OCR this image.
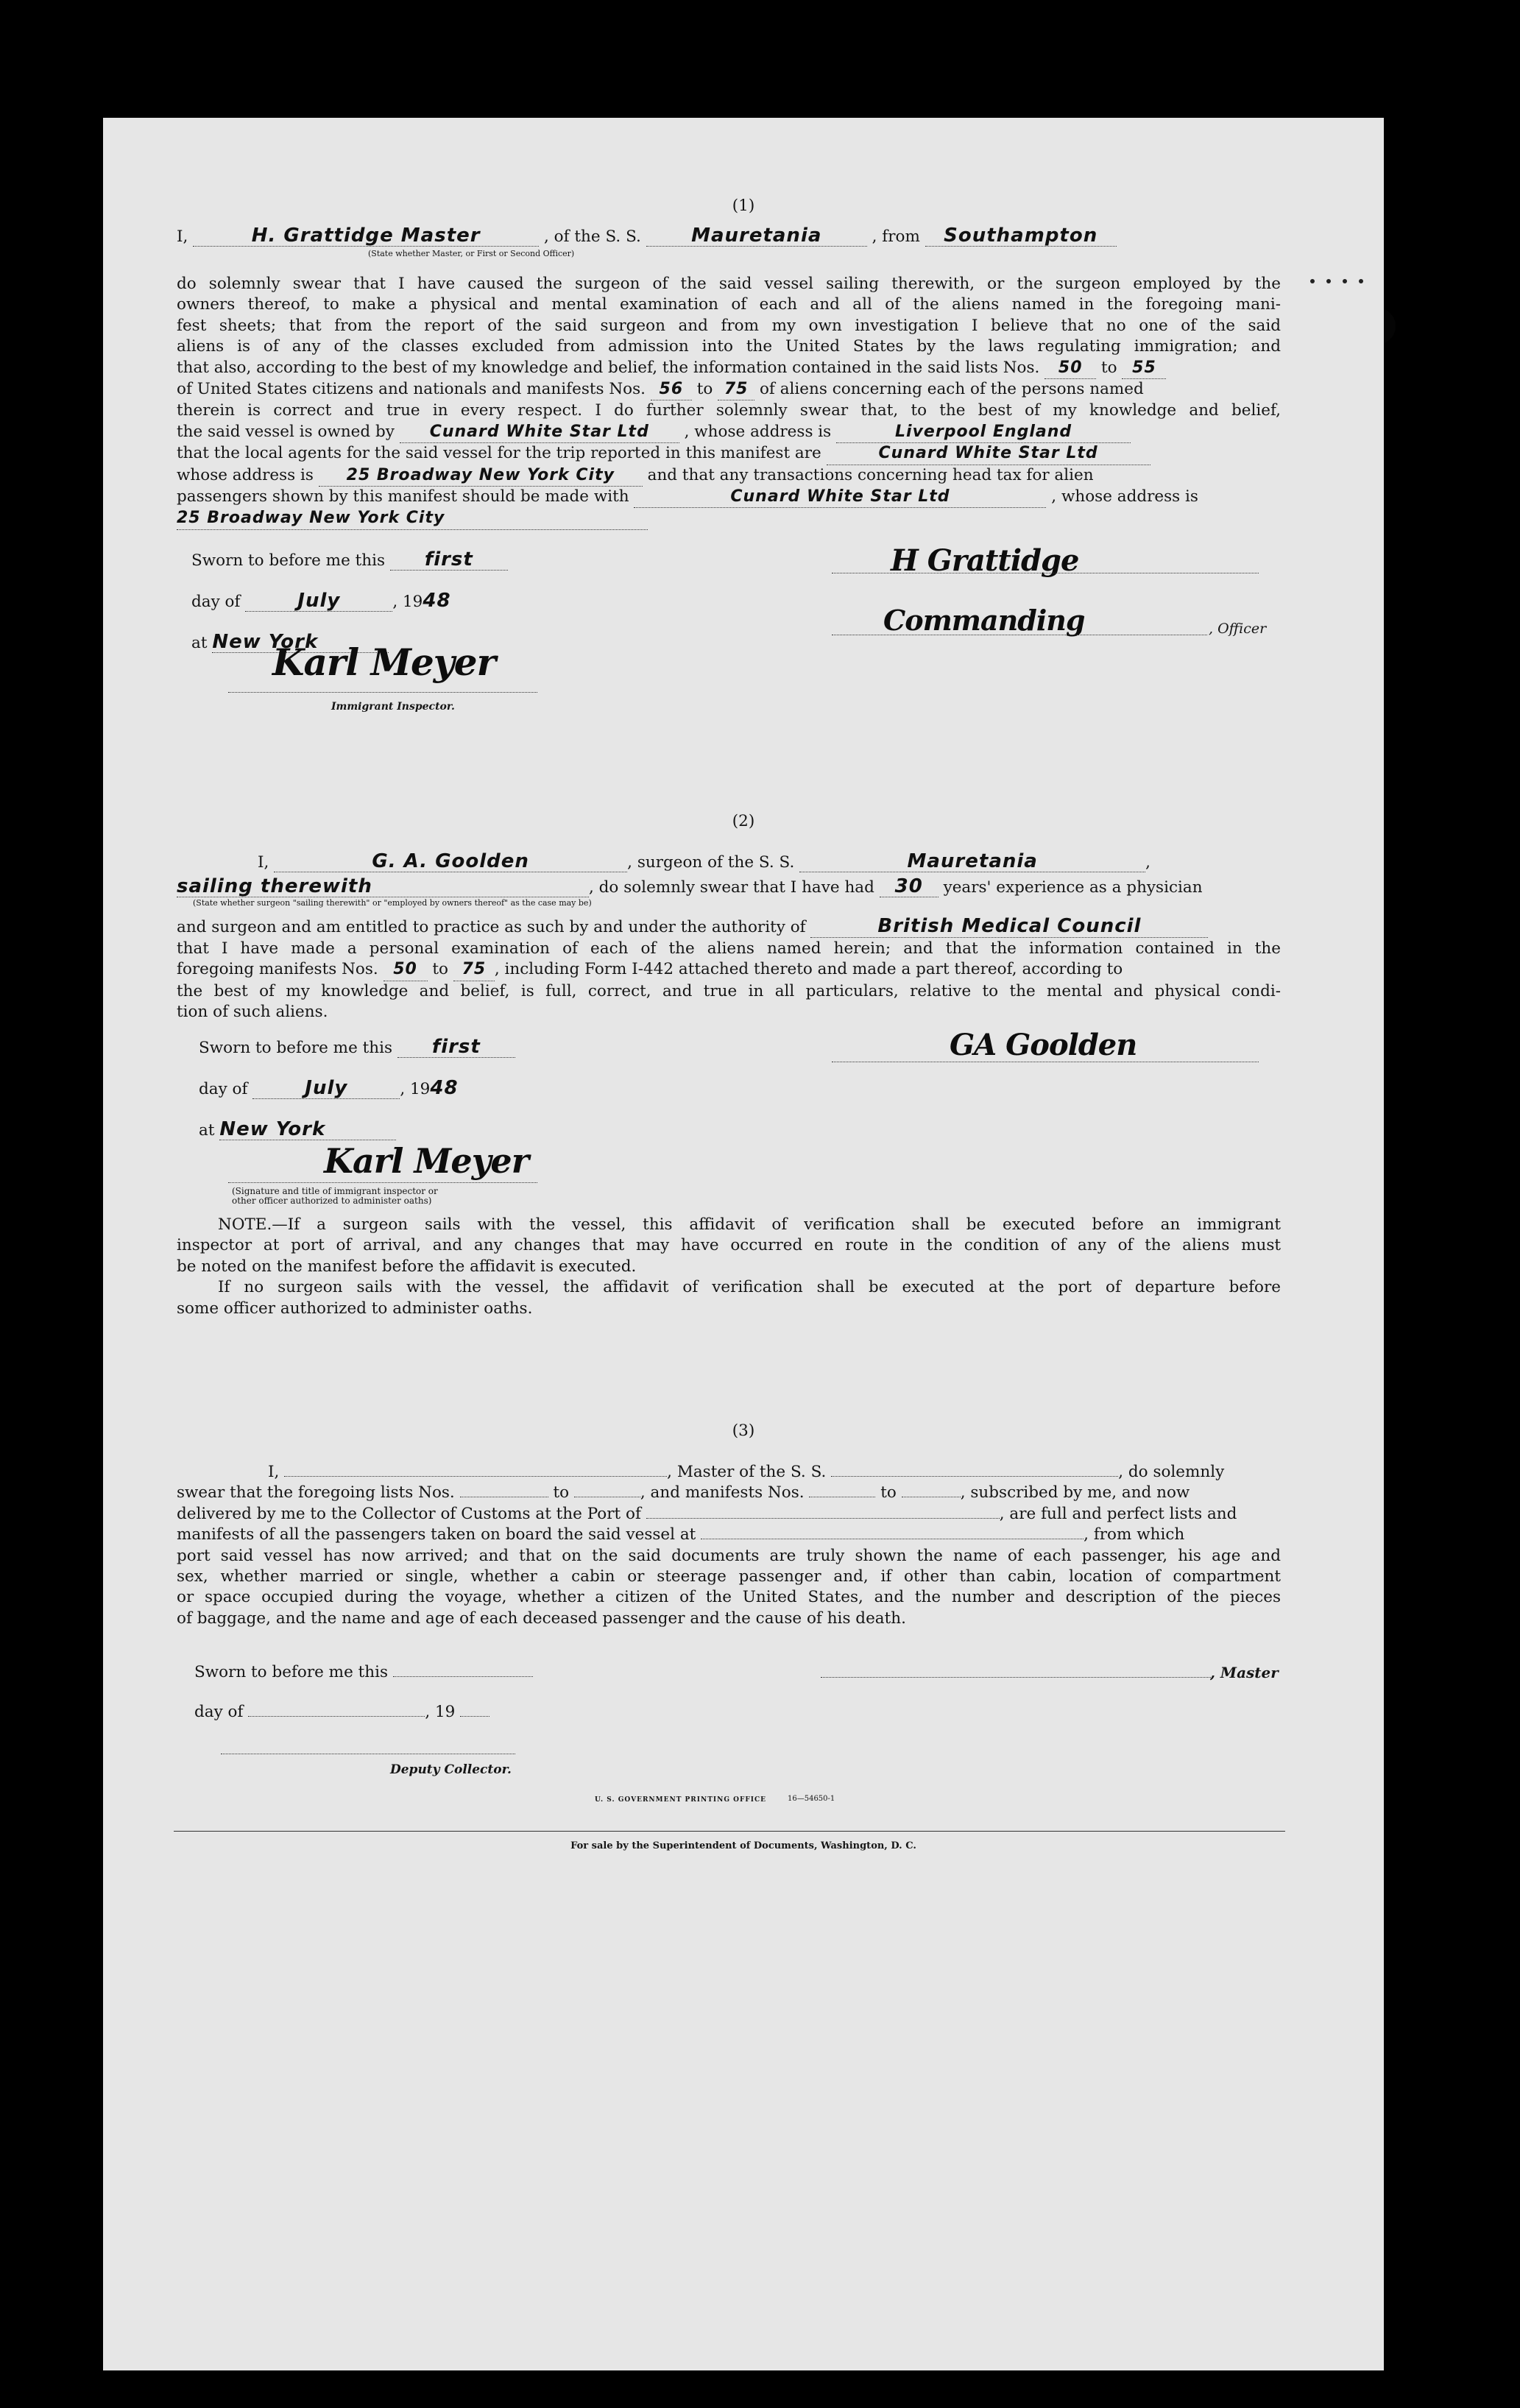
(1)
I,	H. Grattidge Master	, of the S. S.	Mauretania	, from Southampton
(State whether Master, or First or Second Officer)
do solemnly swear that I have caused the surgeon of the said vessel sailing therewith, or the surgeon employed by the
owners thereof, to make a physical and mental examination of each and all of the aliens named in the foregoing mani-
fest sheets; that from the report of the said surgeon and from my own investigation I believe that no one of the said
aliens is of any of the classes excluded from admission into the United States by the laws regulating immigration; and
that also, according to the best of my knowledge and belief, the information contained in the said lists Nos. 50 to 55
of United States citizens and nationals and manifests Nos. 56 to 75 of aliens concerning each of the persons named
therein is correct and true in every respect. I do further solemnly swear that, to the best of my knowledge and belief,
the said vessel is owned by Cunard White Star Ltd , whose address is	Liverpool England
that the local agents for the said vessel for the trip reported in this manifest are	Cunard White Star Ltd
whose address is 25 Broadway New York City and that any transactions concerning head tax for alien
passengers shown by this manifest should be made with	Cunard White Star Ltd	, whose address is
25 Broadway New York City
Sworn to before me this first
day of	July	, 1948
at New York
Karl Meyer
Immigrant Inspector.
H Grattidge
Commanding	, Officer
(2)
I,	G. A. Goolden	, surgeon of the S. S.	Mauretania	,
sailing therewith	, do solemnly swear that I have had 30 years' experience as a physician
(State whether surgeon "sailing therewith" or "employed by owners thereof" as the case may be)
and surgeon and am entitled to practice as such by and under the authority of	British Medical Council
that I have made a personal examination of each of the aliens named herein; and that the information contained in the
foregoing manifests Nos. 50 to 75 , including Form I-442 attached thereto and made a part thereof, according to
the best of my knowledge and belief, is full, correct, and true in all particulars, relative to the mental and physical condi-
tion of such aliens.
Sworn to before me this first
day of	July	, 1948
at New York
GA Goolden
Karl Meyer
(Signature and title of immigrant inspector or
other officer authorized to administer oaths)
NOTE.—If a surgeon sails with the vessel, this affidavit of verification shall be executed before an immigrant
inspector at port of arrival, and any changes that may have occurred en route in the condition of any of the aliens must
be noted on the manifest before the affidavit is executed.
If no surgeon sails with the vessel, the affidavit of verification shall be executed at the port of departure before
some officer authorized to administer oaths.
(3)
I,	, Master of the S. S.	, do solemnly
swear that the foregoing lists Nos.	to	, and manifests Nos.	to	, subscribed by me, and now
delivered by me to the Collector of Customs at the Port of	, are full and perfect lists and
manifests of all the passengers taken on board the said vessel at	, from which
port said vessel has now arrived; and that on the said documents are truly shown the name of each passenger, his age and
sex, whether married or single, whether a cabin or steerage passenger and, if other than cabin, location of compartment
or space occupied during the voyage, whether a citizen of the United States, and the number and description of the pieces
of baggage, and the name and age of each deceased passenger and the cause of his death.
Sworn to before me this
day of	, 19
, Master
Deputy Collector.
U. S. GOVERNMENT PRINTING OFFICE	16—54650-1
For sale by the Superintendent of Documents, Washington, D. C.
